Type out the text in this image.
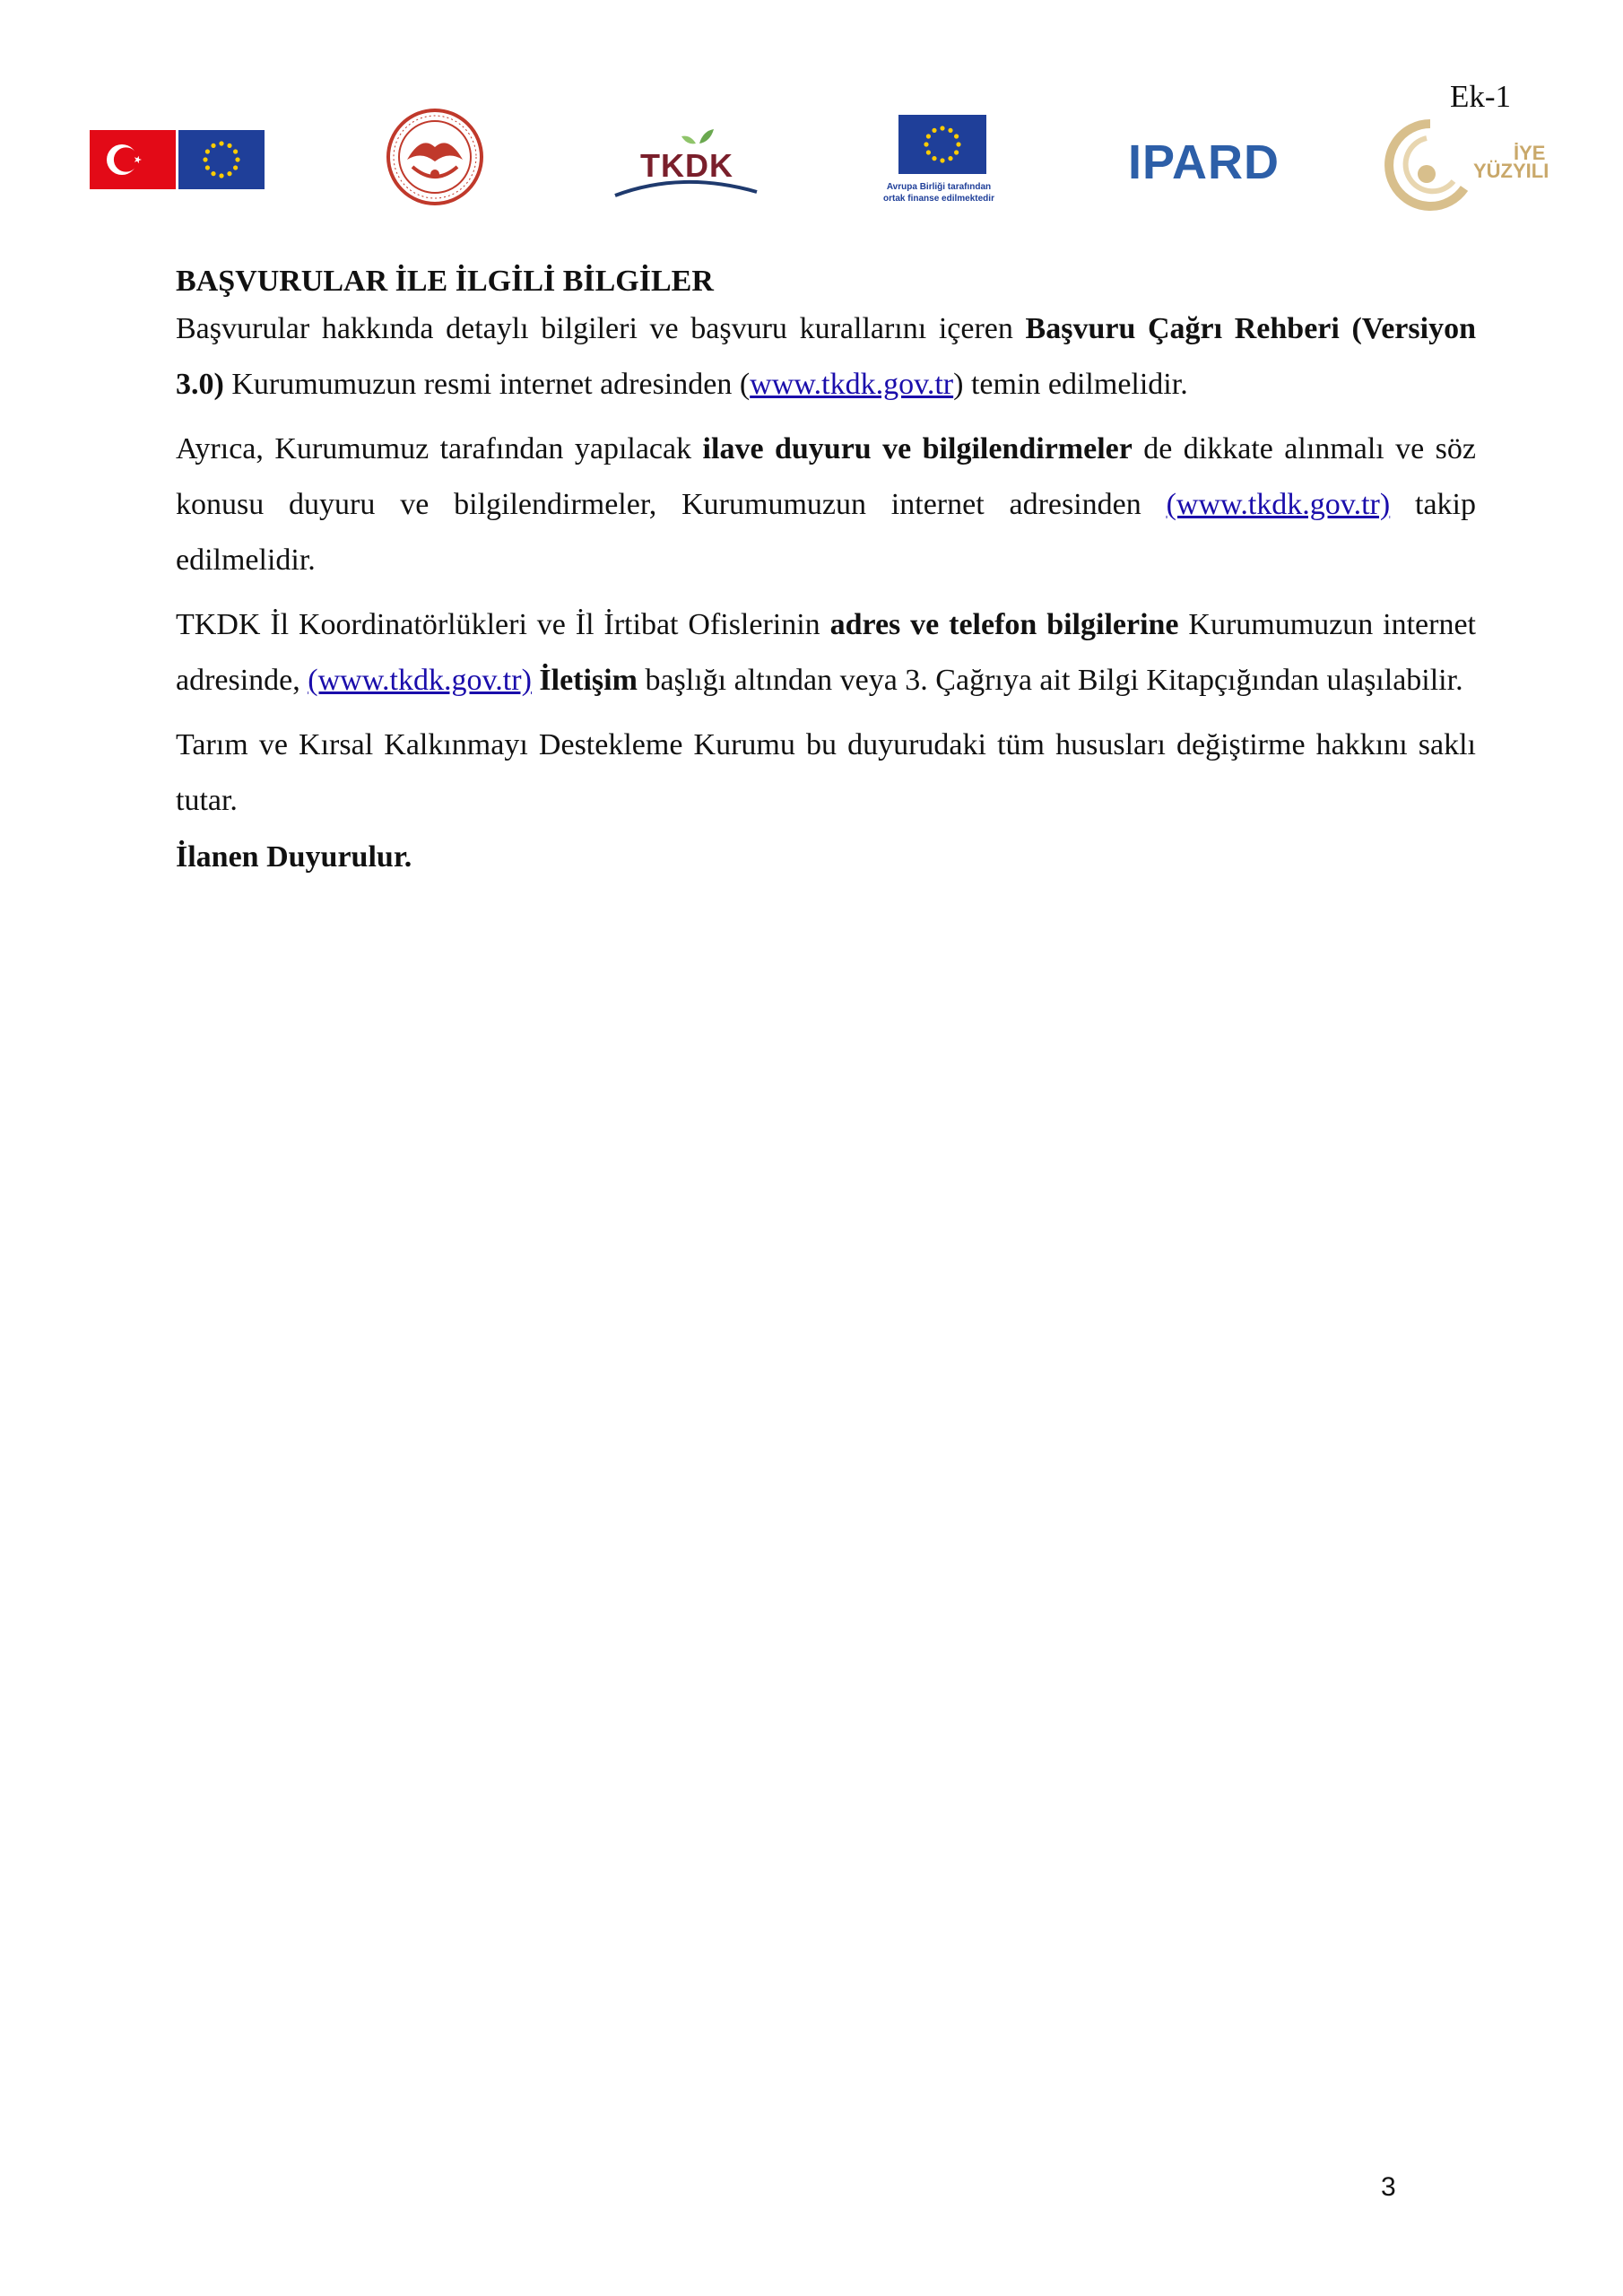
Ek-1
TKDK
Avrupa Birliği tarafından
ortak finanse edilmektedir
IPARD	İYE
YÜZYILI
BAŞVURULAR İLE İLGİLİ BİLGİLER

Başvurular hakkında detaylı bilgileri ve başvuru kurallarını içeren Başvuru Çağrı Rehberi (Versiyon 3.0) Kurumumuzun resmi internet adresinden (www.tkdk.gov.tr) temin edilmelidir.

Ayrıca, Kurumumuz tarafından yapılacak ilave duyuru ve bilgilendirmeler de dikkate alınmalı ve söz konusu duyuru ve bilgilendirmeler, Kurumumuzun internet adresinden (www.tkdk.gov.tr) takip edilmelidir.

TKDK İl Koordinatörlükleri ve İl İrtibat Ofislerinin adres ve telefon bilgilerine Kurumumuzun internet adresinde, (www.tkdk.gov.tr) İletişim başlığı altından veya 3. Çağrıya ait Bilgi Kitapçığından ulaşılabilir.

Tarım ve Kırsal Kalkınmayı Destekleme Kurumu bu duyurudaki tüm hususları değiştirme hakkını saklı tutar.

İlanen Duyurulur.
3
